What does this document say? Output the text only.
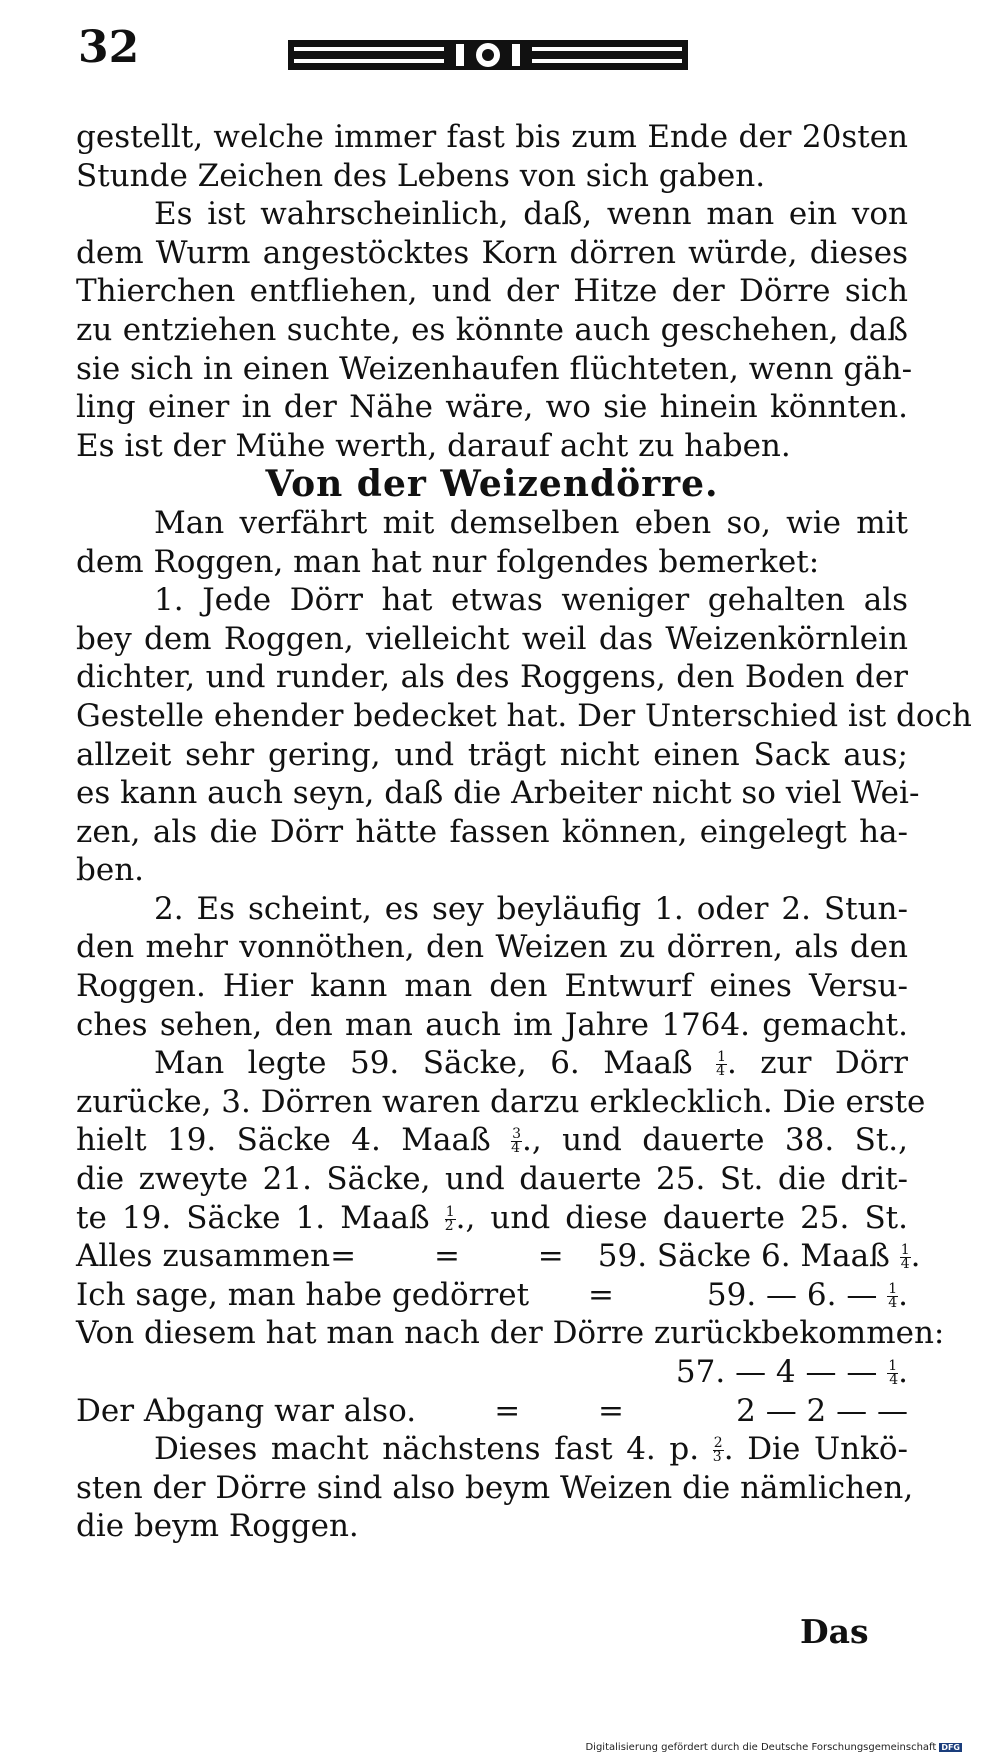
32
gestellt, welche immer fast bis zum Ende der 20sten
Stunde Zeichen des Lebens von sich gaben.
Es ist wahrscheinlich, daß, wenn man ein von
dem Wurm angestöcktes Korn dörren würde, dieses
Thierchen entfliehen, und der Hitze der Dörre sich
zu entziehen suchte, es könnte auch geschehen, daß
sie sich in einen Weizenhaufen flüchteten, wenn gäh-
ling einer in der Nähe wäre, wo sie hinein könnten.
Es ist der Mühe werth, darauf acht zu haben.
Von der Weizendörre.
Man verfährt mit demselben eben so, wie mit
dem Roggen, man hat nur folgendes bemerket:
1. Jede Dörr hat etwas weniger gehalten als
bey dem Roggen, vielleicht weil das Weizenkörnlein
dichter, und runder, als des Roggens, den Boden der
Gestelle ehender bedecket hat. Der Unterschied ist doch
allzeit sehr gering, und trägt nicht einen Sack aus;
es kann auch seyn, daß die Arbeiter nicht so viel Wei-
zen, als die Dörr hätte fassen können, eingelegt ha-
ben.
2. Es scheint, es sey beyläufig 1. oder 2. Stun-
den mehr vonnöthen, den Weizen zu dörren, als den
Roggen. Hier kann man den Entwurf eines Versu-
ches sehen, den man auch im Jahre 1764. gemacht.
Man legte 59. Säcke, 6. Maaß $\frac{1}{4}$ . zur Dörr
zurücke, 3. Dörren waren darzu erklecklich. Die erste
hielt 19. Säcke 4. Maaß $\frac{3}{4}$ ., und dauerte 38. St.,
die zweyte 21. Säcke, und dauerte 25. St. die drit-
te 19. Säcke 1. Maaß $\frac{1}{2}$ ., und diese dauerte 25. St.
Alles zusammen = = = 59. Säcke 6. Maaß $\frac{1}{4}$ .
Ich sage, man habe gedörret = 59. — 6. — $\frac{1}{4}$ .
Von diesem hat man nach der Dörre zurückbekommen:
57. — 4 — — $\frac{1}{4}$ .
Der Abgang war also.	= =	2 — 2 — —
Dieses macht nächstens fast 4. p. $\frac{2}{3}$ . Die Unkö-
sten der Dörre sind also beym Weizen die nämlichen,
die beym Roggen.
Das
Digitalisierung gefördert durch die Deutsche Forschungsgemeinschaft DFG
